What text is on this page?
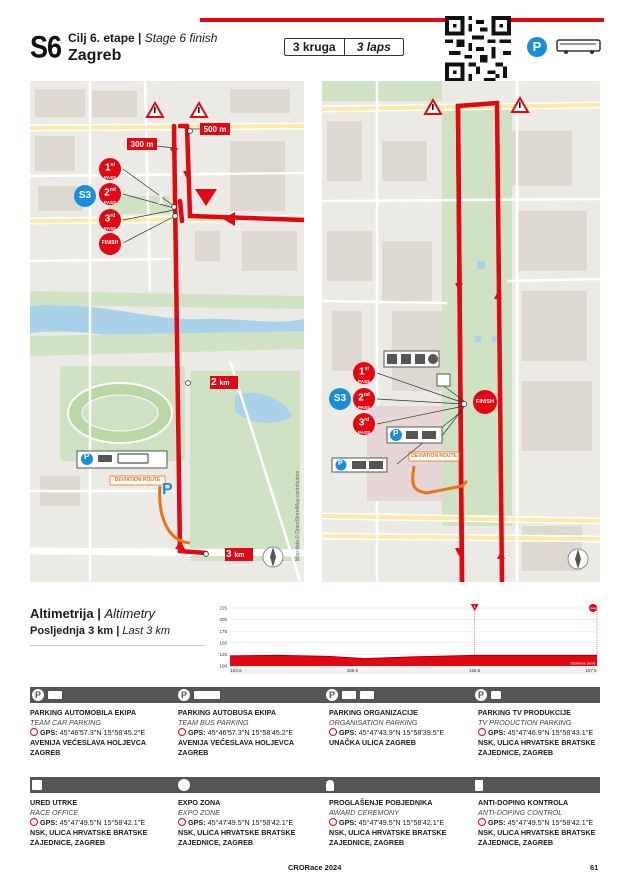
S6 Cilj 6. etape | Stage 6 finish
Zagreb	3 kruga	3 laps	P
1
300 m
500 m
2 km
3 km
1st
PASS
2nd
PASS
3rd
PASS
FINISH
S3
DEVIATION ROUTE
P
P	Map data © OpenStreetMap contributors
1st
PASS
2nd
PASS
3rd
PASS
FINISH
S3
DEVIATION ROUTE
P
P
Altimetrija | Altimetry
Posljednja 3 km | Last 3 km
100
125
150
175
200
225
154.5	155.5	156.5	157.5
1
FINISH
Distance (km)
P	P	P	P
PARKING AUTOMOBILA EKIPA
TEAM CAR PARKING
GPS: 45°46'57.3"N 15°58'45.2"E
AVENIJA VEĆESLAVA HOLJEVCA ZAGREB
PARKING AUTOBUSA EKIPA
TEAM BUS PARKING
GPS: 45°46'57.3"N 15°58'45.2"E
AVENIJA VEĆESLAVA HOLJEVCA ZAGREB
PARKING ORGANIZACIJE
ORGANISATION PARKING
GPS: 45°47'43.9"N 15°58'39.5"E
UNAČKA ULICA ZAGREB
PARKING TV PRODUKCIJE
TV PRODUCTION PARKING
GPS: 45°47'46.9"N 15°58'43.1"E
NSK, ULICA HRVATSKE BRATSKE ZAJEDNICE, ZAGREB
URED UTRKE
RACE OFFICE
GPS: 45°47'49.5"N 15°58'42.1"E
NSK, ULICA HRVATSKE BRATSKE ZAJEDNICE, ZAGREB
EXPO ZONA
EXPO ZONE
GPS: 45°47'49.5"N 15°58'42.1"E
NSK, ULICA HRVATSKE BRATSKE ZAJEDNICE, ZAGREB
PROGLAŠENJE POBJEDNIKA
AWARD CEREMONY
GPS: 45°47'49.5"N 15°58'42.1"E
NSK, ULICA HRVATSKE BRATSKE ZAJEDNICE, ZAGREB
ANTI-DOPING KONTROLA
ANTI-DOPING CONTROL
GPS: 45°47'49.5"N 15°58'42.1"E
NSK, ULICA HRVATSKE BRATSKE ZAJEDNICE, ZAGREB
CRORace 2024	61
